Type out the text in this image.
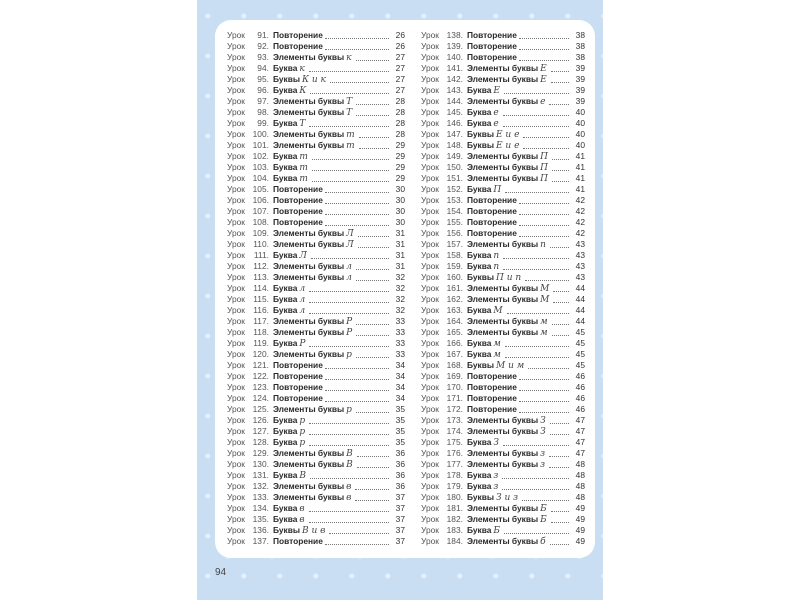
Урок	91. Повторение	26
Урок	92. Повторение	26
Урок	93. Элементы буквы к	27
Урок	94. Буква к	27
Урок	95. Буквы К и к	27
Урок	96. Буква К	27
Урок	97. Элементы буквы Т	28
Урок	98. Элементы буквы Т	28
Урок	99. Буква Т	28
Урок 100. Элементы буквы т	28
Урок 101. Элементы буквы т	29
Урок 102. Буква т	29
Урок 103. Буква т	29
Урок 104. Буква т	29
Урок 105. Повторение	30
Урок 106. Повторение	30
Урок 107. Повторение	30
Урок 108. Повторение	30
Урок 109. Элементы буквы Л	31
Урок 110. Элементы буквы Л	31
Урок	111. Буква Л	31
Урок 112. Элементы буквы л	31
Урок 113. Элементы буквы л	32
Урок 114. Буква л	32
Урок 115. Буква л	32
Урок 116. Буква л	32
Урок 117. Элементы буквы Р	33
Урок 118. Элементы буквы Р	33
Урок 119. Буква Р	33
Урок 120. Элементы буквы р	33
Урок 121. Повторение	34
Урок 122. Повторение	34
Урок 123. Повторение	34
Урок 124. Повторение	34
Урок 125. Элементы буквы р	35
Урок 126. Буква р	35
Урок 127. Буква р	35
Урок 128. Буква р	35
Урок 129. Элементы буквы В	36
Урок 130. Элементы буквы В	36
Урок 131. Буква В	36
Урок 132. Элементы буквы в	36
Урок 133. Элементы буквы в	37
Урок 134. Буква в	37
Урок 135. Буква в	37
Урок 136. Буквы В и в	37
Урок 137. Повторение	37
Урок 138. Повторение	38
Урок 139. Повторение	38
Урок 140. Повторение	38
Урок 141. Элементы буквы Е	39
Урок 142. Элементы буквы Е	39
Урок 143. Буква Е	39
Урок 144. Элементы буквы е	39
Урок 145. Буква е	40
Урок 146. Буква е	40
Урок 147. Буквы Е и е	40
Урок 148. Буквы Е и е	40
Урок 149. Элементы буквы П	41
Урок 150. Элементы буквы П	41
Урок 151. Элементы буквы П	41
Урок 152. Буква П	41
Урок 153. Повторение	42
Урок 154. Повторение	42
Урок 155. Повторение	42
Урок 156. Повторение	42
Урок 157. Элементы буквы п	43
Урок 158. Буква п	43
Урок 159. Буква п	43
Урок 160. Буквы П и п	43
Урок 161. Элементы буквы М	44
Урок 162. Элементы буквы М	44
Урок 163. Буква М	44
Урок 164. Элементы буквы м	44
Урок 165. Элементы буквы м	45
Урок 166. Буква м	45
Урок 167. Буква м	45
Урок 168. Буквы М и м	45
Урок 169. Повторение	46
Урок 170. Повторение	46
Урок 171. Повторение	46
Урок 172. Повторение	46
Урок 173. Элементы буквы З	47
Урок 174. Элементы буквы З	47
Урок 175. Буква З	47
Урок 176. Элементы буквы з	47
Урок 177. Элементы буквы з	48
Урок 178. Буква з	48
Урок 179. Буква з	48
Урок 180. Буквы З и з	48
Урок 181. Элементы буквы Б	49
Урок 182. Элементы буквы Б	49
Урок 183. Буква Б	49
Урок 184. Элементы буквы б	49
94
